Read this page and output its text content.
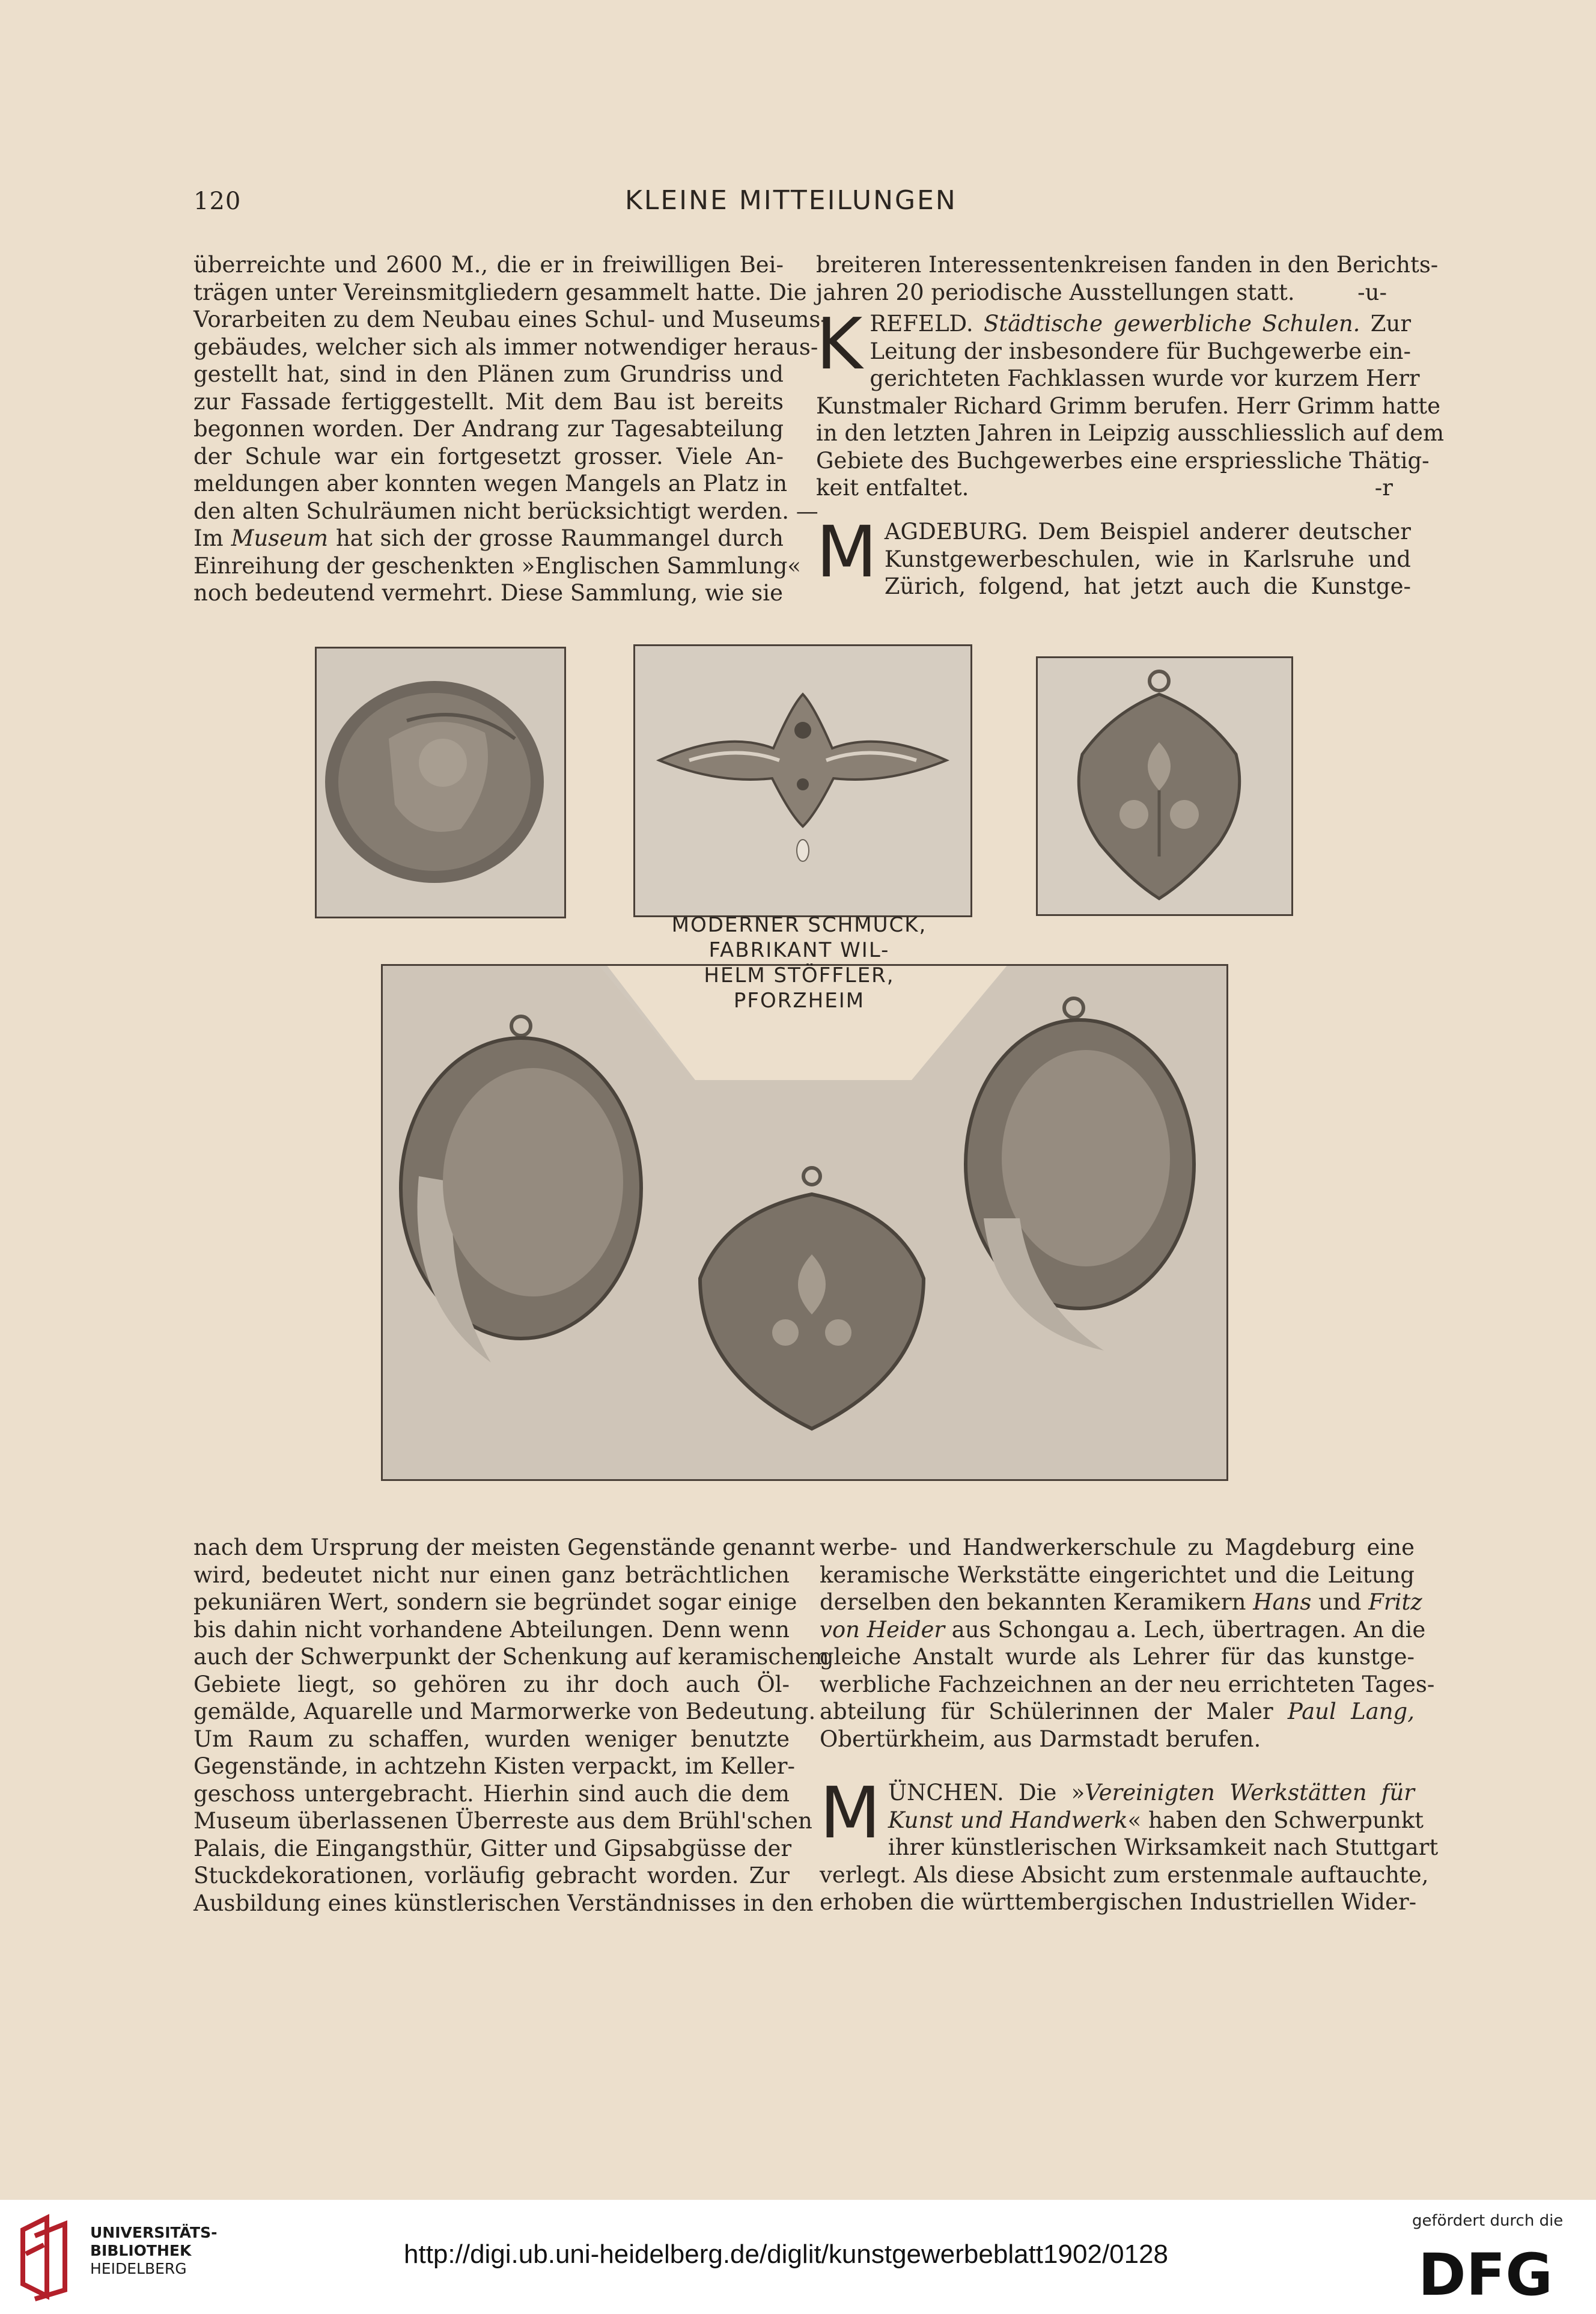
120	KLEINE MITTEILUNGEN
überreichte und 2600 M., die er in freiwilligen Bei-
trägen unter Vereinsmitgliedern gesammelt hatte. Die
Vorarbeiten zu dem Neubau eines Schul- und Museums-
gebäudes, welcher sich als immer notwendiger heraus-
gestellt hat, sind in den Plänen zum Grundriss und
zur Fassade fertiggestellt. Mit dem Bau ist bereits
begonnen worden. Der Andrang zur Tagesabteilung
der Schule war ein fortgesetzt grosser. Viele An-
meldungen aber konnten wegen Mangels an Platz in
den alten Schulräumen nicht berücksichtigt werden. —
Im Museum hat sich der grosse Raummangel durch
Einreihung der geschenkten »Englischen Sammlung«
noch bedeutend vermehrt. Diese Sammlung, wie sie
breiteren Interessentenkreisen fanden in den Berichts-
jahren 20 periodische Ausstellungen statt.	-u-
K REFELD. Städtische gewerbliche Schulen. Zur
Leitung der insbesondere für Buchgewerbe ein-
gerichteten Fachklassen wurde vor kurzem Herr
Kunstmaler Richard Grimm berufen. Herr Grimm hatte
in den letzten Jahren in Leipzig ausschliesslich auf dem
Gebiete des Buchgewerbes eine erspriessliche Thätig-
keit entfaltet.	-r
M AGDEBURG. Dem Beispiel anderer deutscher
Kunstgewerbeschulen, wie in Karlsruhe und
Zürich, folgend, hat jetzt auch die Kunstge-
MODERNER SCHMUCK,
FABRIKANT WIL-
HELM STÖFFLER,
PFORZHEIM
nach dem Ursprung der meisten Gegenstände genannt
wird, bedeutet nicht nur einen ganz beträchtlichen
pekuniären Wert, sondern sie begründet sogar einige
bis dahin nicht vorhandene Abteilungen. Denn wenn
auch der Schwerpunkt der Schenkung auf keramischem
Gebiete liegt, so gehören zu ihr doch auch Öl-
gemälde, Aquarelle und Marmorwerke von Bedeutung.
Um Raum zu schaffen, wurden weniger benutzte
Gegenstände, in achtzehn Kisten verpackt, im Keller-
geschoss untergebracht. Hierhin sind auch die dem
Museum überlassenen Überreste aus dem Brühl'schen
Palais, die Eingangsthür, Gitter und Gipsabgüsse der
Stuckdekorationen, vorläufig gebracht worden. Zur
Ausbildung eines künstlerischen Verständnisses in den
werbe- und Handwerkerschule zu Magdeburg eine
keramische Werkstätte eingerichtet und die Leitung
derselben den bekannten Keramikern Hans und Fritz
von Heider aus Schongau a. Lech, übertragen. An die
gleiche Anstalt wurde als Lehrer für das kunstge-
werbliche Fachzeichnen an der neu errichteten Tages-
abteilung für Schülerinnen der Maler Paul Lang,
Obertürkheim, aus Darmstadt berufen.
M ÜNCHEN. Die »Vereinigten Werkstätten für
Kunst und Handwerk« haben den Schwerpunkt
ihrer künstlerischen Wirksamkeit nach Stuttgart
verlegt. Als diese Absicht zum erstenmale auftauchte,
erhoben die württembergischen Industriellen Wider-
UNIVERSITÄTS-
BIBLIOTHEK
HEIDELBERG	http://digi.ub.uni-heidelberg.de/diglit/kunstgewerbeblatt1902/0128
gefördert durch die
DFG
